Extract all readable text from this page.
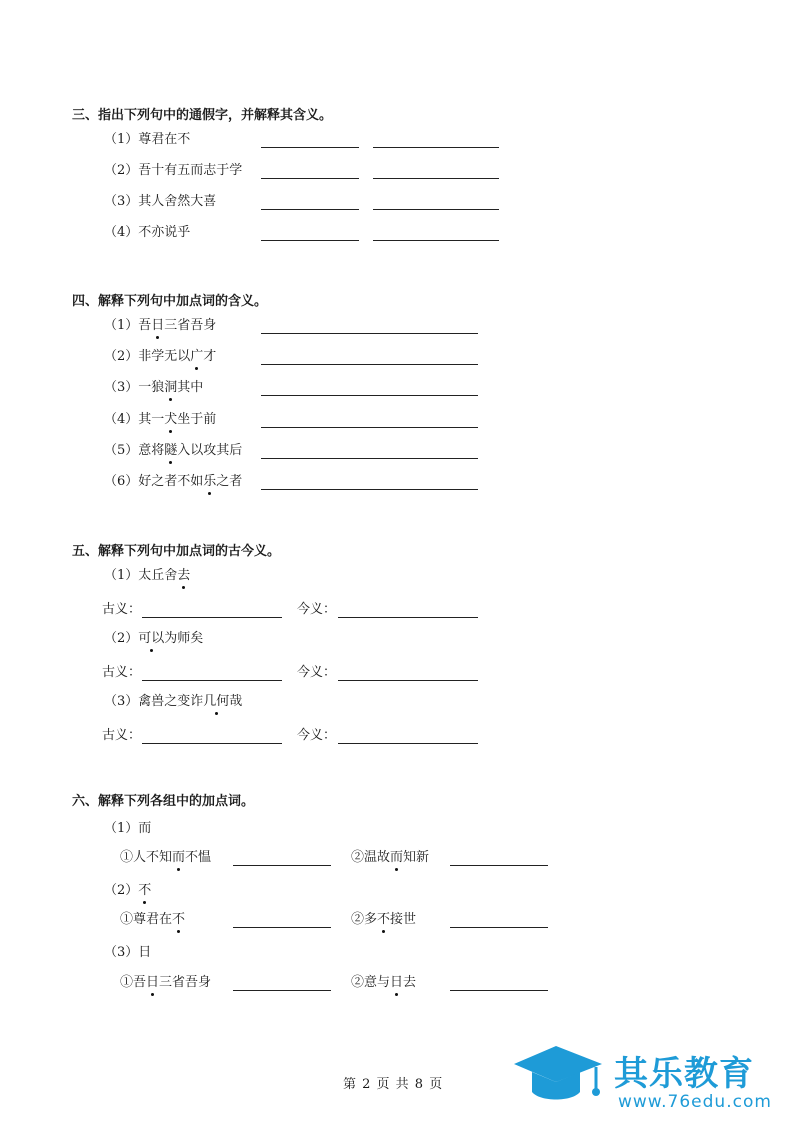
三、指出下列句中的通假字，并解释其含义。
（1）尊君在不
（2）吾十有五而志于学
（3）其人舍然大喜
（4）不亦说乎
四、解释下列句中加点词的含义。
（1）吾日三省吾身
（2）非学无以广才
（3）一狼洞其中
（4）其一犬坐于前
（5）意将隧入以攻其后
（6）好之者不如乐之者
五、解释下列句中加点词的古今义。
（1）太丘舍去
古义：	今义：
（2）可以为师矣
古义：	今义：
（3）禽兽之变诈几何哉
古义：	今义：
六、解释下列各组中的加点词。
（1）而
①人不知而不愠	②温故而知新
（2）不
①尊君在不	②多不接世
（3）日
①吾日三省吾身	②意与日去
第 2 页 共 8 页	其乐教育
www.76edu.com
